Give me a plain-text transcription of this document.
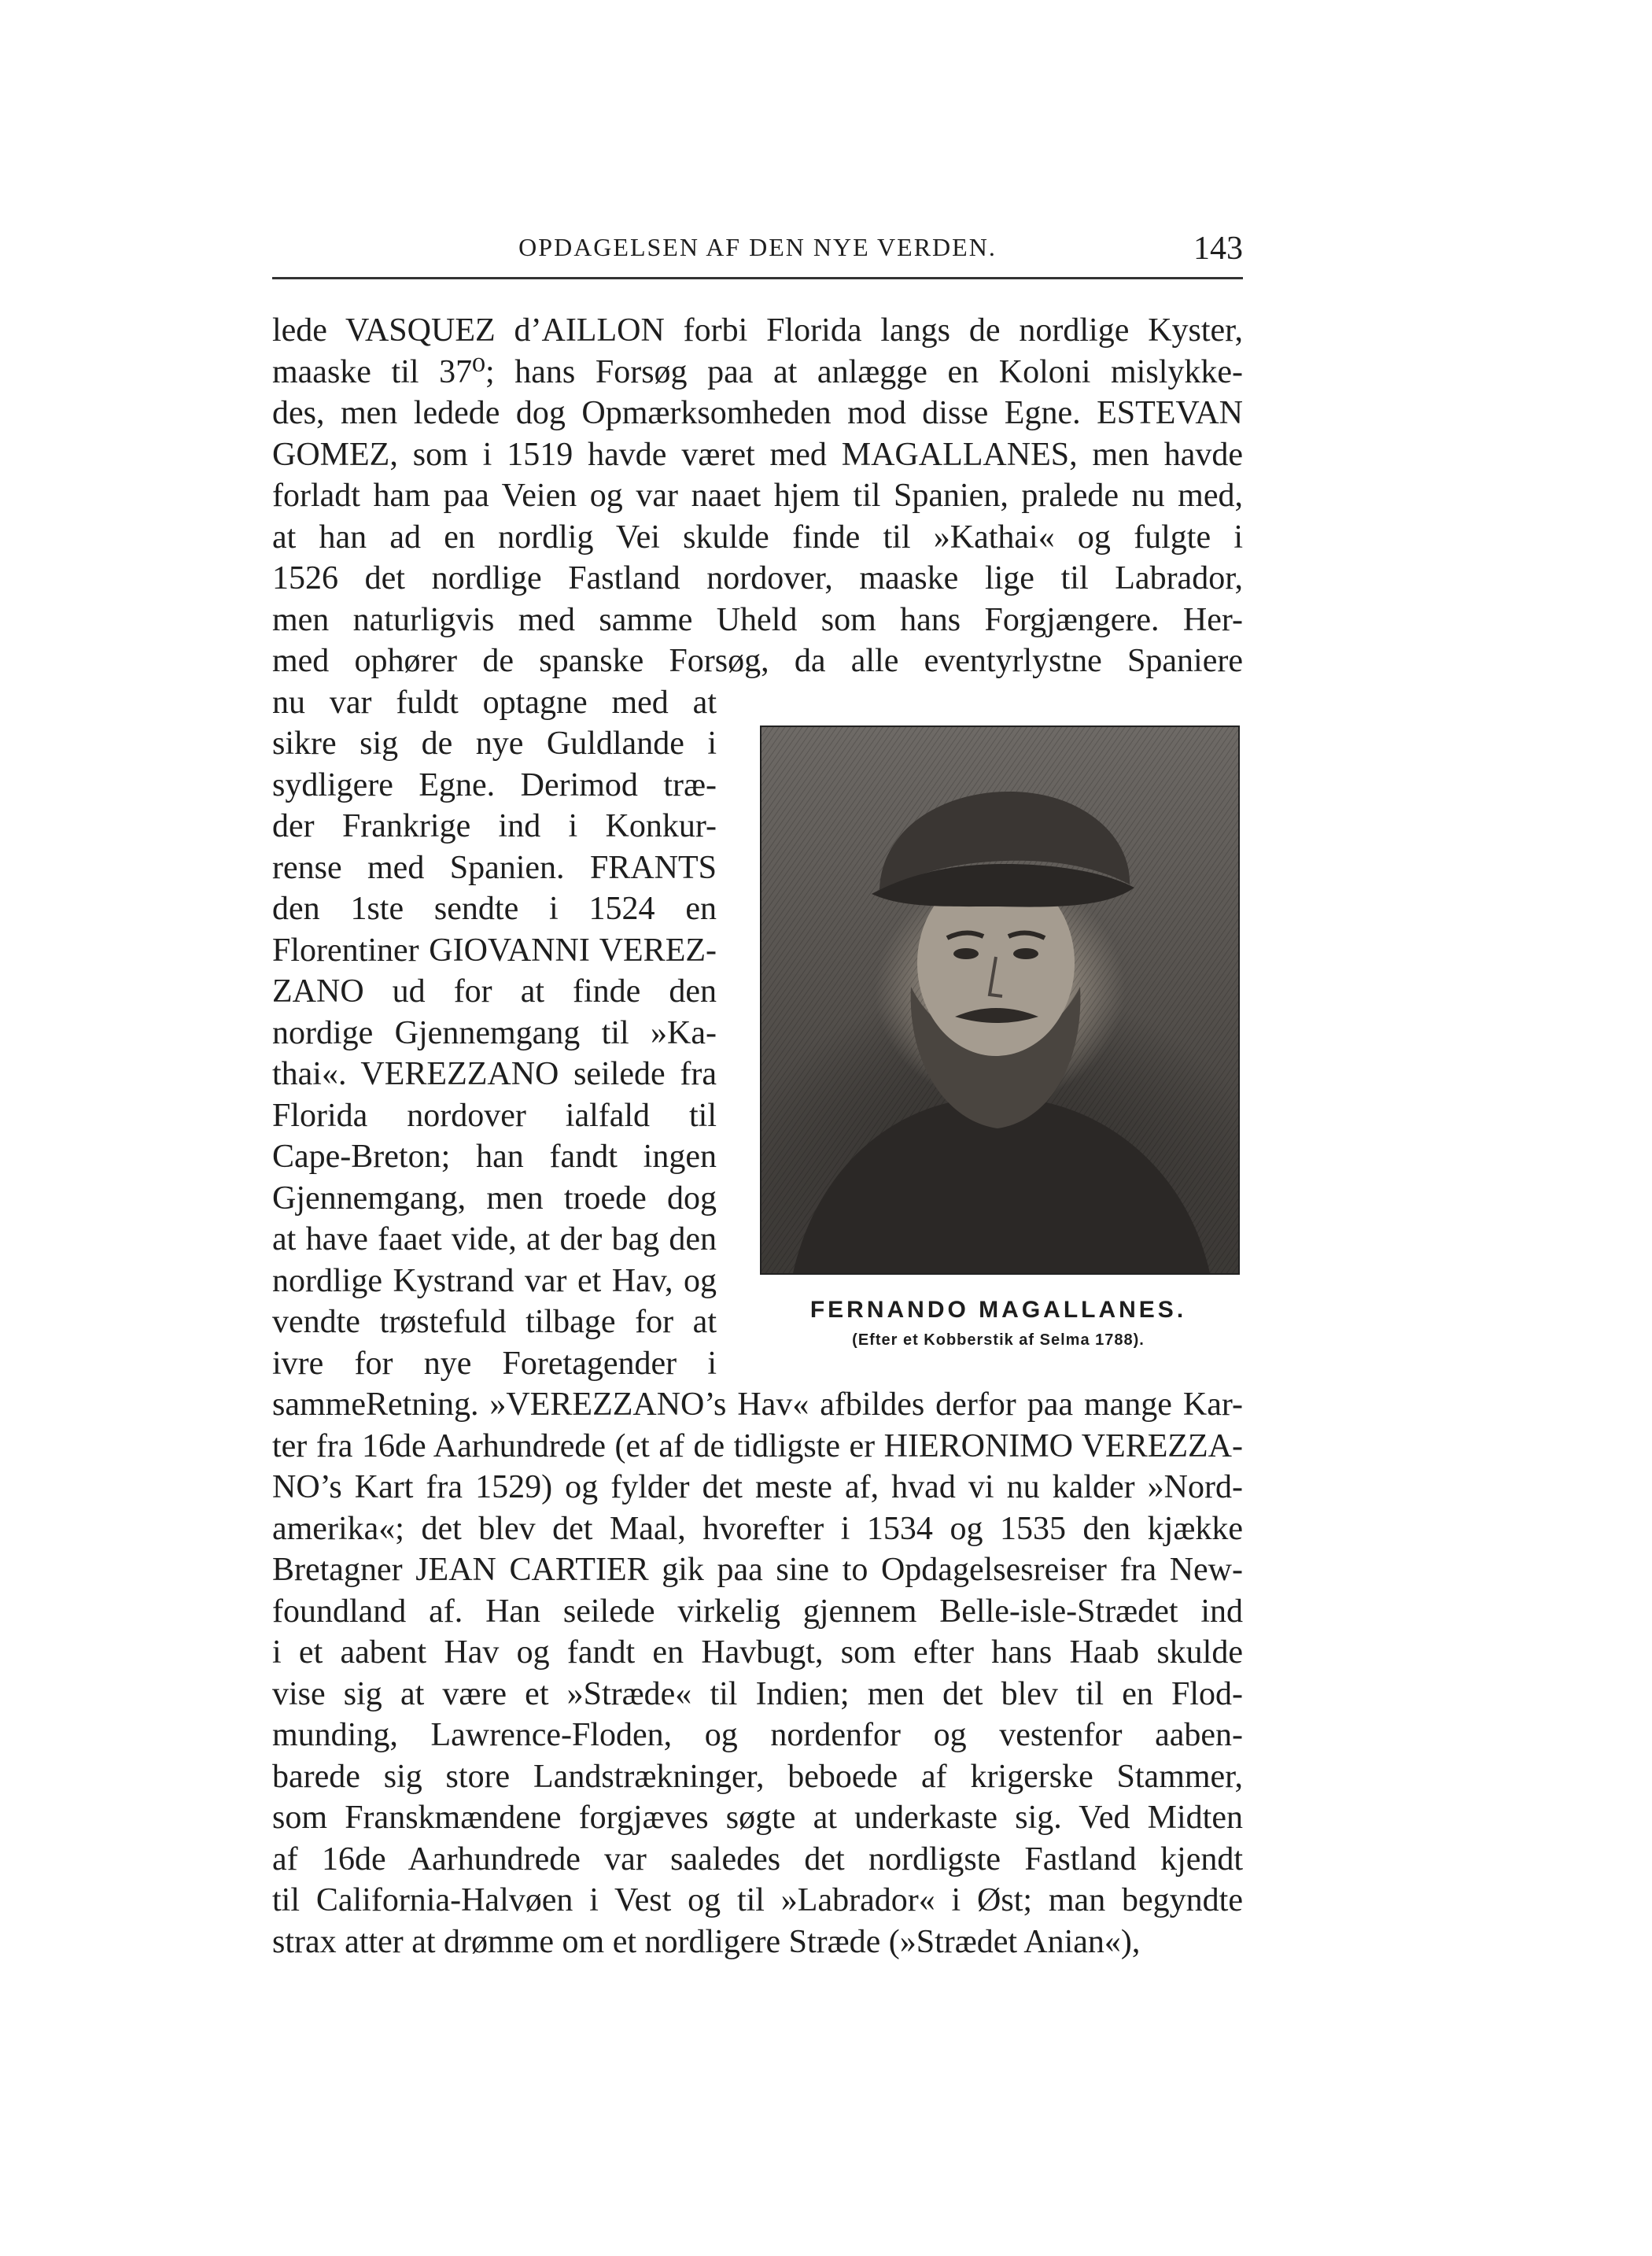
OPDAGELSEN AF DEN NYE VERDEN.	143
lede VASQUEZ d’AILLON forbi Florida langs de nordlige Kyster,
maaske til 37⁰; hans Forsøg paa at anlægge en Koloni mislykke-
des, men ledede dog Opmærksomheden mod disse Egne. ESTEVAN
GOMEZ, som i 1519 havde været med MAGALLANES, men havde
forladt ham paa Veien og var naaet hjem til Spanien, pralede nu med,
at han ad en nordlig Vei skulde finde til »Kathai« og fulgte i
1526 det nordlige Fastland nordover, maaske lige til Labrador,
men naturligvis med samme Uheld som hans Forgjængere. Her-
med ophører de spanske Forsøg, da alle eventyrlystne Spaniere
nu var fuldt optagne med at
sikre sig de nye Guldlande i
sydligere Egne. Derimod træ-
der Frankrige ind i Konkur-
rense med Spanien. FRANTS
den 1ste sendte i 1524 en
Florentiner GIOVANNI VEREZ-
ZANO ud for at finde den
nordige Gjennemgang til »Ka-
thai«. VEREZZANO seilede fra
Florida nordover ialfald til
Cape-Breton; han fandt ingen
Gjennemgang, men troede dog
at have faaet vide, at der bag den
nordlige Kystrand var et Hav, og
vendte trøstefuld tilbage for at
ivre for nye Foretagender i
sammeRetning. »VEREZZANO’s Hav« afbildes derfor paa mange Kar-
ter fra 16de Aarhundrede (et af de tidligste er HIERONIMO VEREZZA-
NO’s Kart fra 1529) og fylder det meste af, hvad vi nu kalder »Nord-
amerika«; det blev det Maal, hvorefter i 1534 og 1535 den kjække
Bretagner JEAN CARTIER gik paa sine to Opdagelsesreiser fra New-
foundland af. Han seilede virkelig gjennem Belle-isle-Strædet ind
i et aabent Hav og fandt en Havbugt, som efter hans Haab skulde
vise sig at være et »Stræde« til Indien; men det blev til en Flod-
munding, Lawrence-Floden, og nordenfor og vestenfor aaben-
barede sig store Landstrækninger, beboede af krigerske Stammer,
som Franskmændene forgjæves søgte at underkaste sig. Ved Midten
af 16de Aarhundrede var saaledes det nordligste Fastland kjendt
til California-Halvøen i Vest og til »Labrador« i Øst; man begyndte
strax atter at drømme om et nordligere Stræde (»Strædet Anian«),
FERNANDO MAGALLANES.
(Efter et Kobberstik af Selma 1788).
